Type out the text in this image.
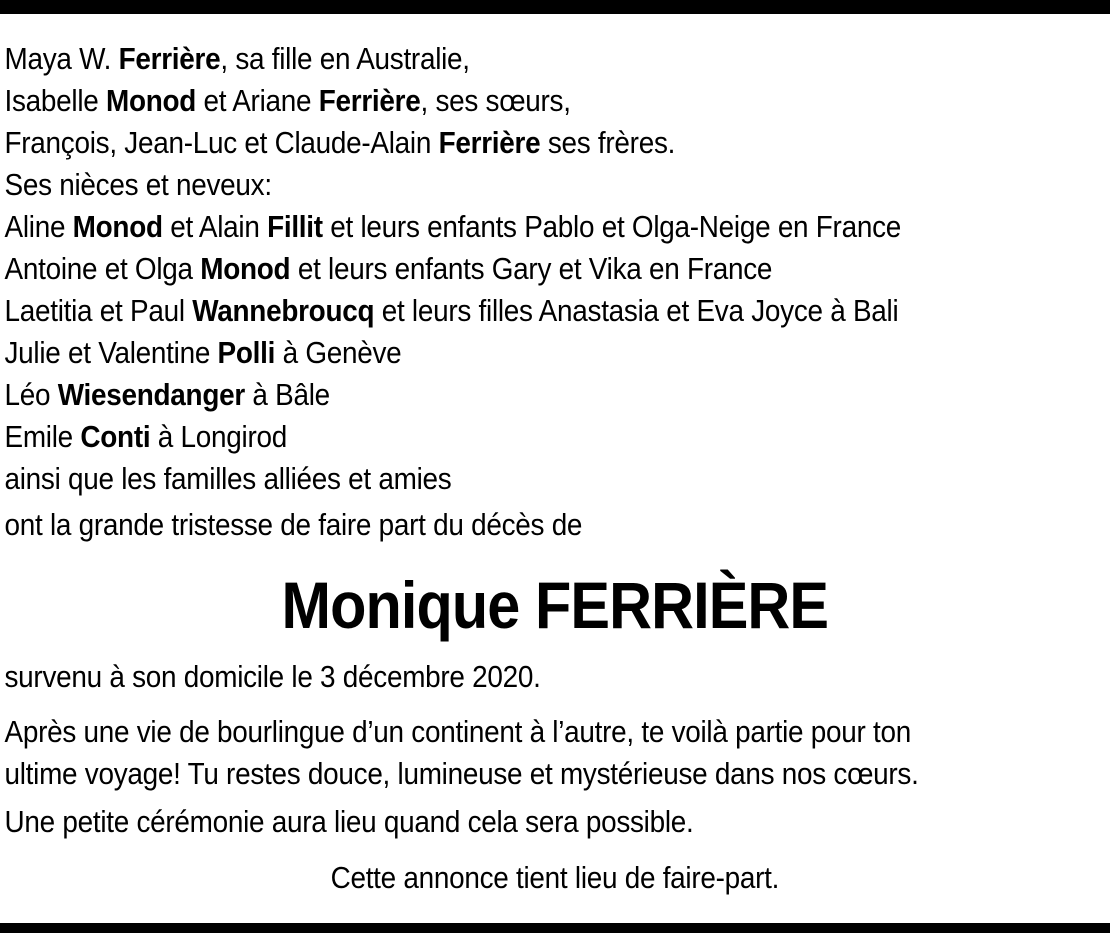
Maya W. Ferrière, sa fille en Australie,
Isabelle Monod et Ariane Ferrière, ses sœurs,
François, Jean-Luc et Claude-Alain Ferrière ses frères.
Ses nièces et neveux:
Aline Monod et Alain Fillit et leurs enfants Pablo et Olga-Neige en France
Antoine et Olga Monod et leurs enfants Gary et Vika en France
Laetitia et Paul Wannebroucq et leurs filles Anastasia et Eva Joyce à Bali
Julie et Valentine Polli à Genève
Léo Wiesendanger à Bâle
Emile Conti à Longirod
ainsi que les familles alliées et amies
ont la grande tristesse de faire part du décès de
Monique FERRIÈRE
survenu à son domicile le 3 décembre 2020.
Après une vie de bourlingue d’un continent à l’autre, te voilà partie pour ton
ultime voyage! Tu restes douce, lumineuse et mystérieuse dans nos cœurs.
Une petite cérémonie aura lieu quand cela sera possible.
Cette annonce tient lieu de faire-part.
